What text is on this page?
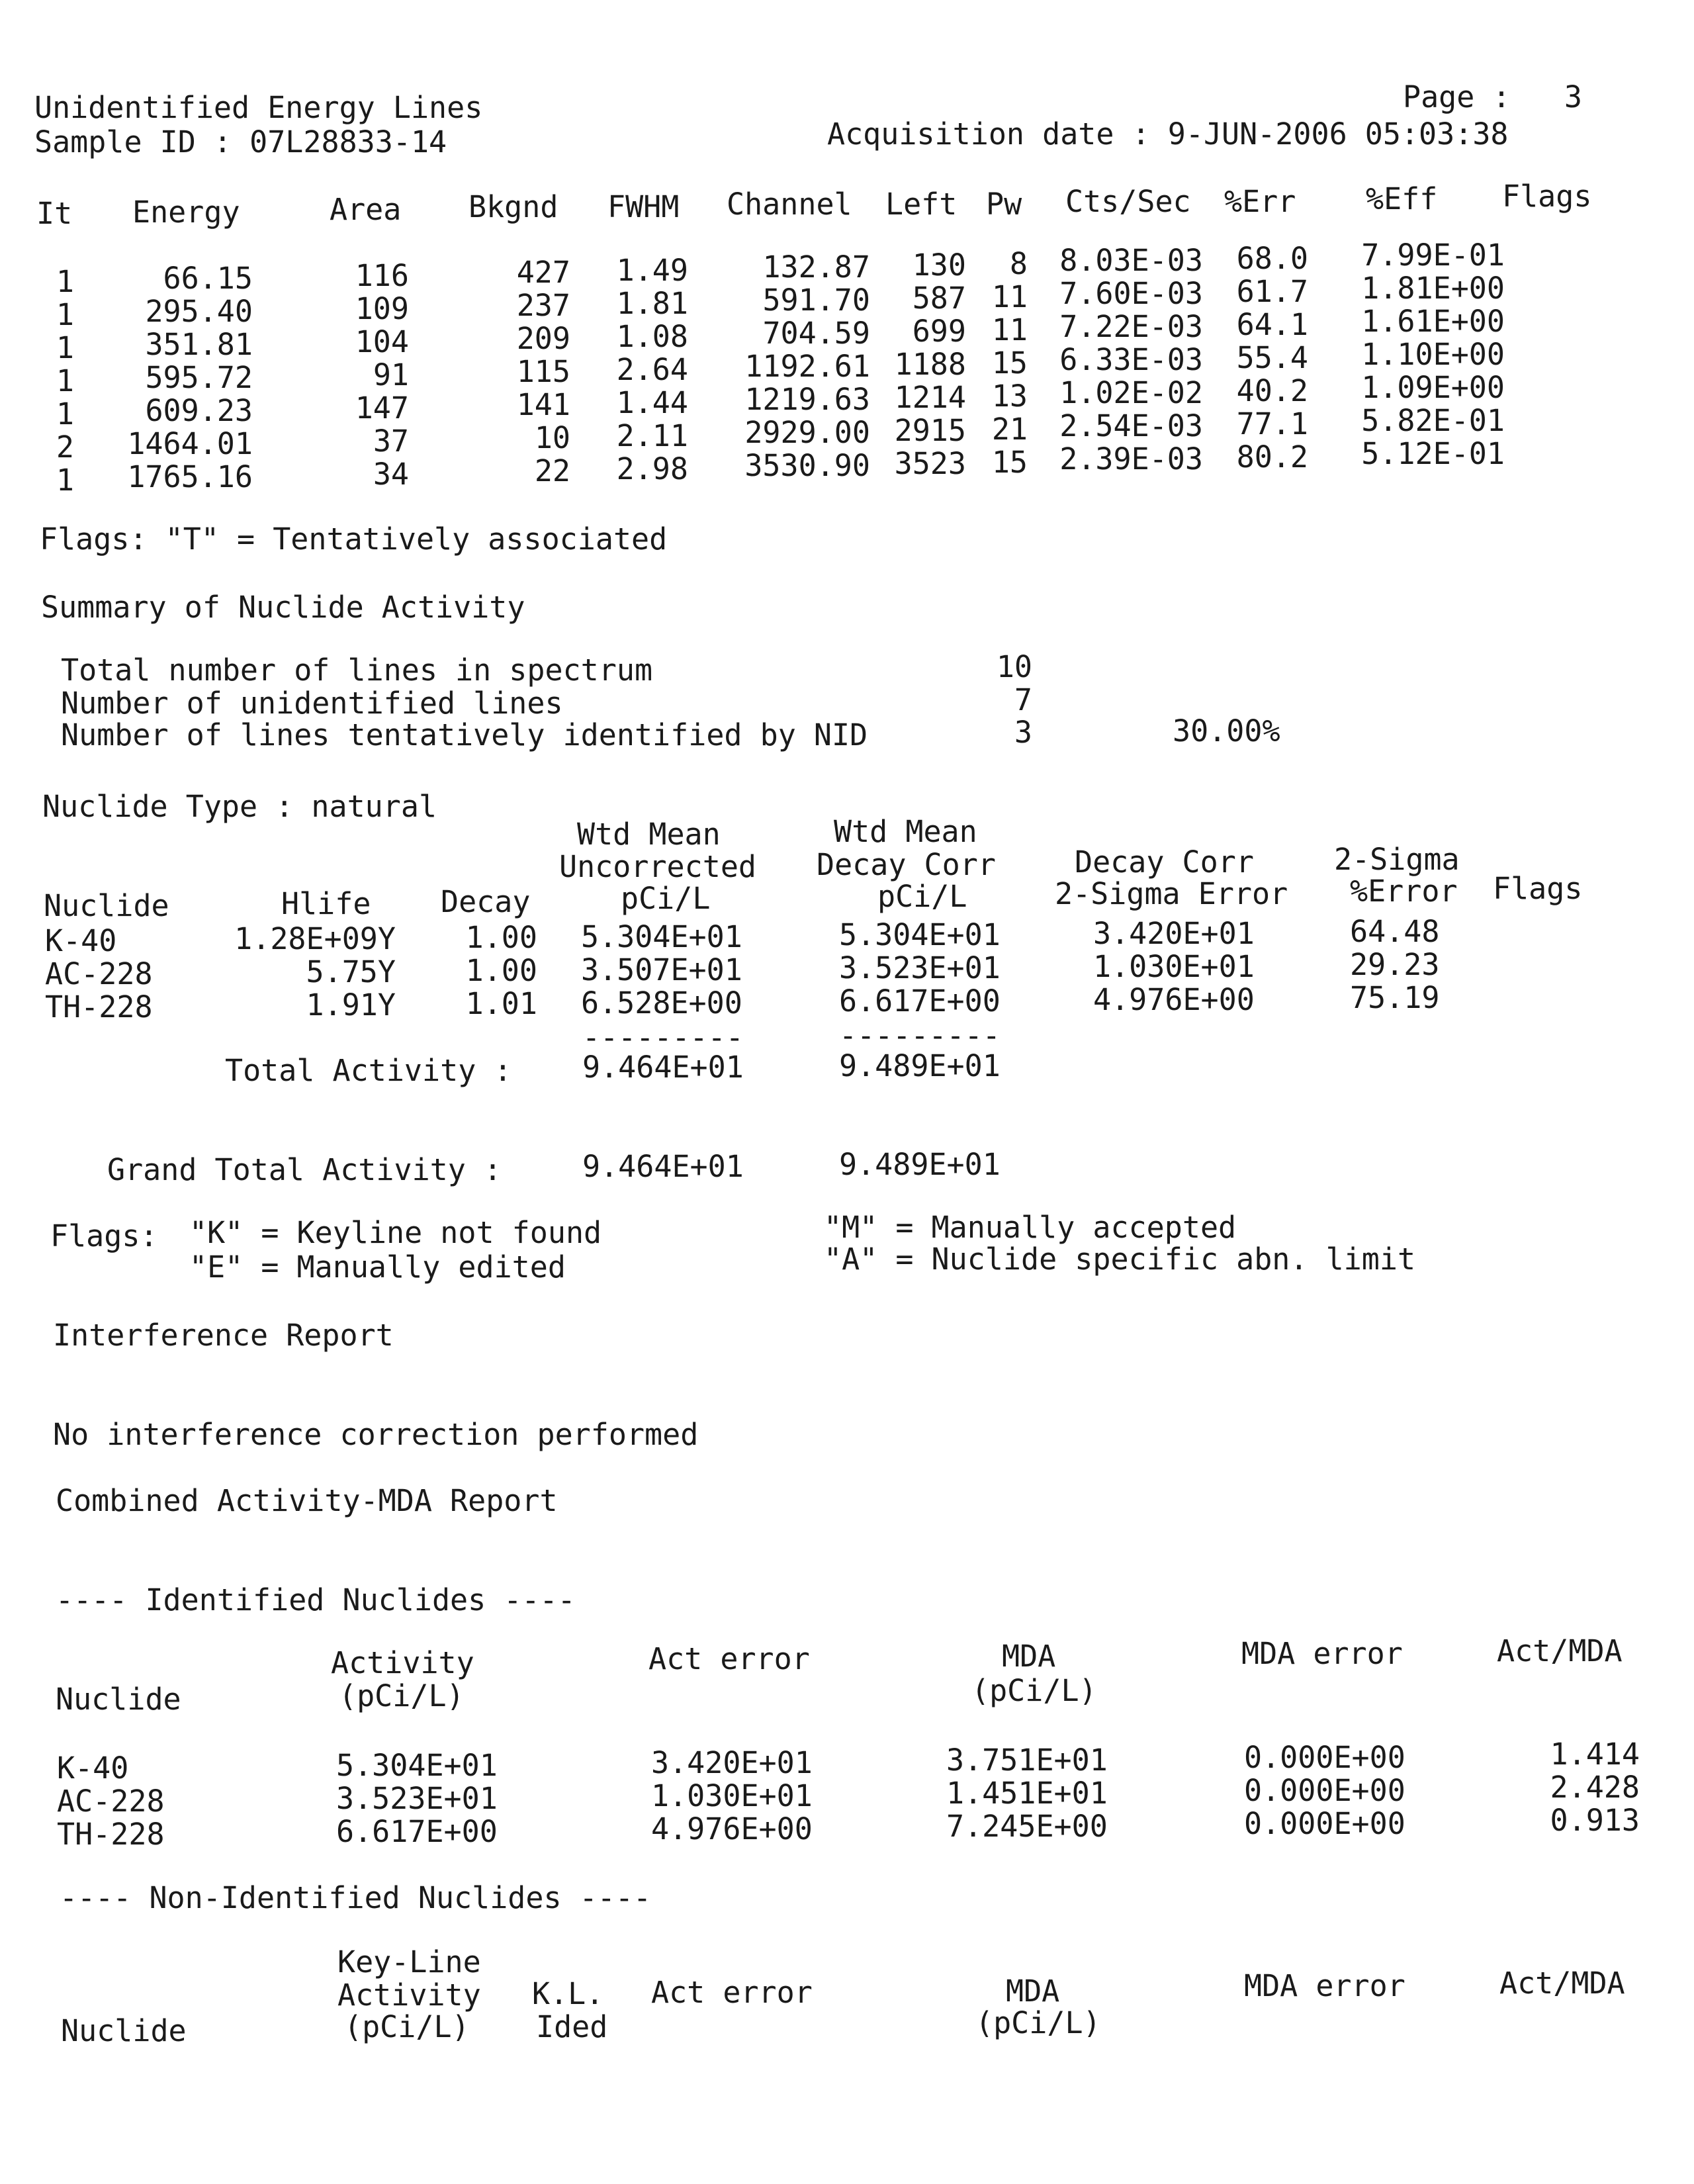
Unidentified Energy Lines
Sample ID : 07L28833-14
Page :   3
Acquisition date : 9-JUN-2006 05:03:38
It Energy	Area Bkgnd FWHM Channel Left Pw Cts/Sec %Err %Eff Flags
1	66.15	116	427	1.49	132.87	130	8	8.03E-03	68.0	7.99E-01
1	295.40	109	237	1.81	591.70	587 11	7.60E-03	61.7	1.81E+00
1	351.81	104	209	1.08	704.59	699 11	7.22E-03	64.1	1.61E+00
1	595.72	91	115	2.64	1192.61 1188 15	6.33E-03	55.4	1.10E+00
1	609.23	147	141	1.44	1219.63 1214 13	1.02E-02	40.2	1.09E+00
2	1464.01	37	10	2.11	2929.00 2915 21	2.54E-03	77.1	5.82E-01
1	1765.16	34	22	2.98	3530.90 3523 15	2.39E-03	80.2	5.12E-01
Flags: "T" = Tentatively associated
Summary of Nuclide Activity
Total number of lines in spectrum	10
Number of unidentified lines	7
Number of lines tentatively identified by NID	3	30.00%
Nuclide Type : natural
Wtd Mean	Wtd Mean
Uncorrected Decay Corr	Decay Corr	2-Sigma
Nuclide	Hlife Decay	pCi/L	pCi/L	2-Sigma Error %Error Flags
K-40	1.28E+09Y	1.00 5.304E+01	5.304E+01	3.420E+01	64.48
AC-228	5.75Y	1.00 3.507E+01	3.523E+01	1.030E+01	29.23
TH-228	1.91Y	1.01 6.528E+00	6.617E+00	4.976E+00	75.19
---------	---------
Total Activity : 9.464E+01	9.489E+01
Grand Total Activity :	9.464E+01	9.489E+01
Flags: "K" = Keyline not found
"E" = Manually edited
"M" = Manually accepted
"A" = Nuclide specific abn. limit
Interference Report
No interference correction performed
Combined Activity-MDA Report
---- Identified Nuclides ----
Activity	Act error	MDA	MDA error	Act/MDA
Nuclide	(pCi/L)	(pCi/L)
K-40	5.304E+01	3.420E+01	3.751E+01	0.000E+00	1.414
AC-228	3.523E+01	1.030E+01	1.451E+01	0.000E+00	2.428
TH-228	6.617E+00	4.976E+00	7.245E+00	0.000E+00	0.913
---- Non-Identified Nuclides ----
Key-Line
Activity K.L. Act error	MDA	MDA error	Act/MDA
Nuclide	(pCi/L) Ided	(pCi/L)
